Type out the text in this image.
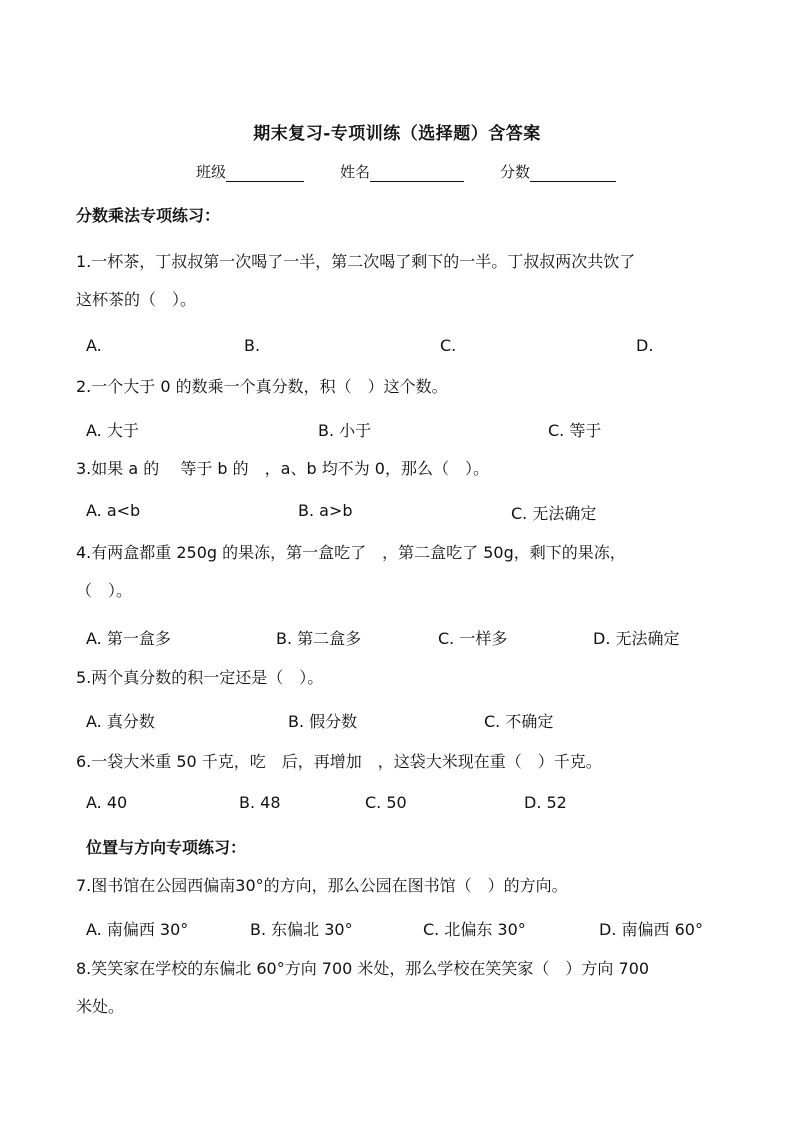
期末复习-专项训练（选择题）含答案
班级	姓名	分数
分数乘法专项练习：
1.一杯茶，丁叔叔第一次喝了一半，第二次喝了剩下的一半。丁叔叔两次共饮了
这杯茶的（　）。
A.	B.	C.	D.
2.一个大于 0 的数乘一个真分数，积（　）这个数。
A. 大于	B. 小于	C. 等于
3.如果 a 的　 等于 b 的　，a、b 均不为 0，那么（　）。
A. a<b	B. a>b	C. 无法确定
4.有两盒都重 250g 的果冻，第一盒吃了　，第二盒吃了 50g，剩下的果冻，
（　）。
A. 第一盒多	B. 第二盒多	C. 一样多	D. 无法确定
5.两个真分数的积一定还是（　）。
A. 真分数	B. 假分数	C. 不确定
6.一袋大米重 50 千克，吃　后，再增加　，这袋大米现在重（　）千克。
A. 40	B. 48	C. 50	D. 52
位置与方向专项练习：
7.图书馆在公园西偏南30°的方向，那么公园在图书馆（　）的方向。
A. 南偏西 30°	B. 东偏北 30°	C. 北偏东 30°	D. 南偏西 60°
8.笑笑家在学校的东偏北 60°方向 700 米处，那么学校在笑笑家（　）方向 700
米处。
